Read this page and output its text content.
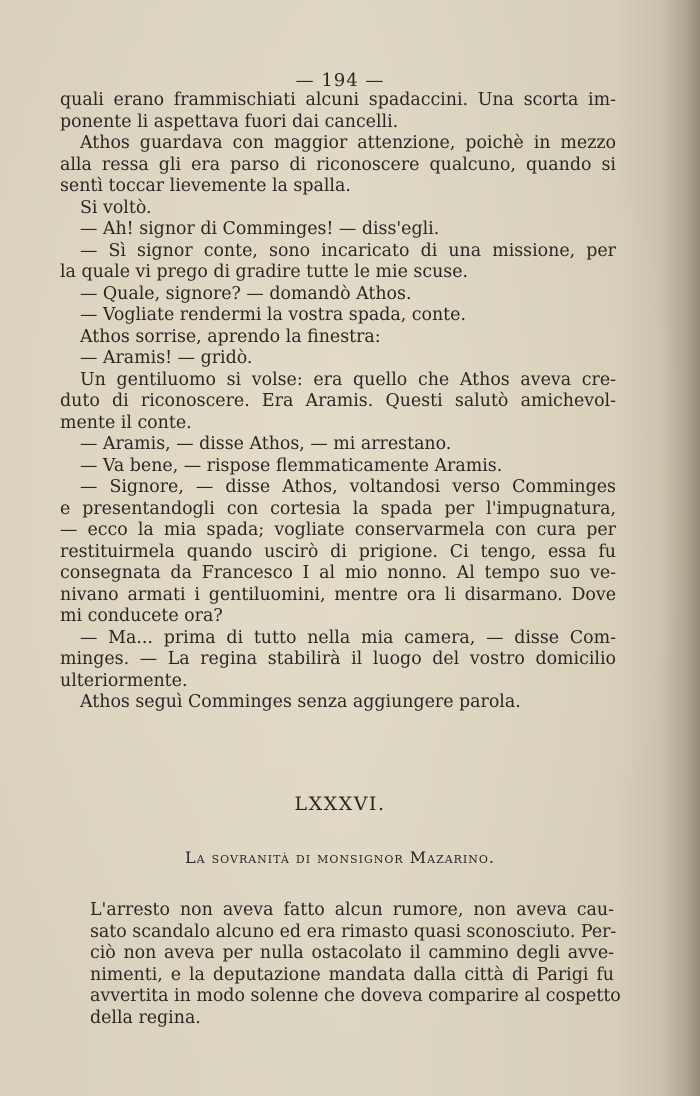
— 194 —
quali erano frammischiati alcuni spadaccini. Una scorta im-
ponente li aspettava fuori dai cancelli.
Athos guardava con maggior attenzione, poichè in mezzo
alla ressa gli era parso di riconoscere qualcuno, quando si
sentì toccar lievemente la spalla.
Si voltò.
— Ah! signor di Comminges! — diss'egli.
— Sì signor conte, sono incaricato di una missione, per
la quale vi prego di gradire tutte le mie scuse.
— Quale, signore? — domandò Athos.
— Vogliate rendermi la vostra spada, conte.
Athos sorrise, aprendo la finestra:
— Aramis! — gridò.
Un gentiluomo si volse: era quello che Athos aveva cre-
duto di riconoscere. Era Aramis. Questi salutò amichevol-
mente il conte.
— Aramis, — disse Athos, — mi arrestano.
— Va bene, — rispose flemmaticamente Aramis.
— Signore, — disse Athos, voltandosi verso Comminges
e presentandogli con cortesia la spada per l'impugnatura,
— ecco la mia spada; vogliate conservarmela con cura per
restituirmela quando uscirò di prigione. Ci tengo, essa fu
consegnata da Francesco I al mio nonno. Al tempo suo ve-
nivano armati i gentiluomini, mentre ora li disarmano. Dove
mi conducete ora?
— Ma... prima di tutto nella mia camera, — disse Com-
minges. — La regina stabilirà il luogo del vostro domicilio
ulteriormente.
Athos seguì Comminges senza aggiungere parola.
LXXXVI.
La sovranità di monsignor Mazarino.
L'arresto non aveva fatto alcun rumore, non aveva cau-
sato scandalo alcuno ed era rimasto quasi sconosciuto. Per-
ciò non aveva per nulla ostacolato il cammino degli avve-
nimenti, e la deputazione mandata dalla città di Parigi fu
avvertita in modo solenne che doveva comparire al cospetto
della regina.
